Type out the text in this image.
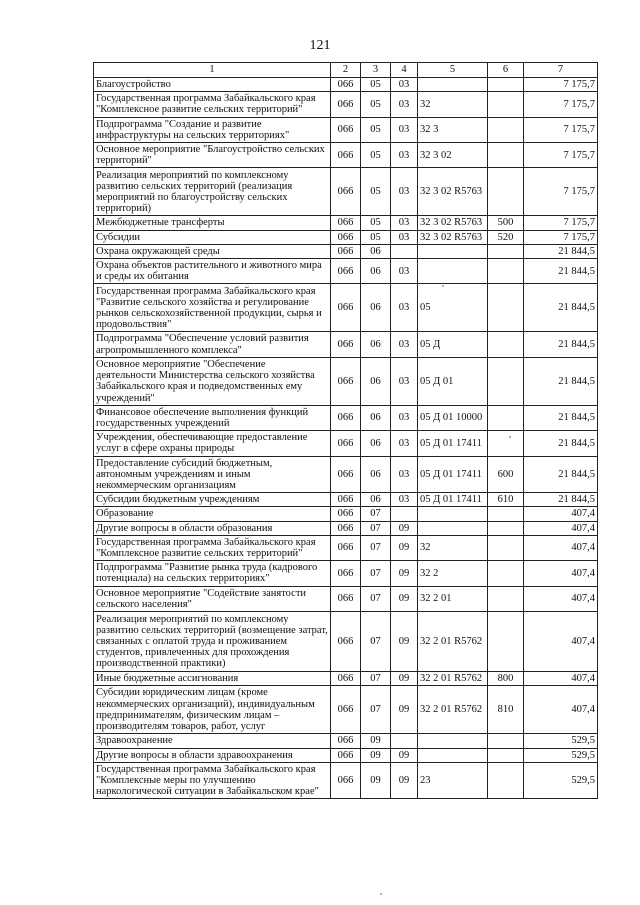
121
1	2	3	4	5	6	7
Благоустройство	066	05	03			7 175,7
Государственная программа Забайкальского края "Комплексное развитие сельских территорий"	066	05	03	32		7 175,7
Подпрограмма "Создание и развитие инфраструктуры на сельских территориях"	066	05	03	32 3		7 175,7
Основное мероприятие "Благоустройство сельских территорий"	066	05	03	32 3 02		7 175,7
Реализация мероприятий по комплексному развитию сельских территорий (реализация мероприятий по благоустройству сельских территорий)	066	05	03	32 3 02 R5763		7 175,7
Межбюджетные трансферты	066	05	03	32 3 02 R5763	500	7 175,7
Субсидии	066	05	03	32 3 02 R5763	520	7 175,7
Охрана окружающей среды	066	06				21 844,5
Охрана объектов растительного и животного мира и среды их обитания	066	06	03			21 844,5
Государственная программа Забайкальского края "Развитие сельского хозяйства и регулирование рынков сельскохозяйственной продукции, сырья и продовольствия"	066	06	03	05		21 844,5
Подпрограмма "Обеспечение условий развития агропромышленного комплекса"	066	06	03	05 Д		21 844,5
Основное мероприятие "Обеспечение деятельности Министерства сельского хозяйства Забайкальского края и подведомственных ему учреждений"	066	06	03	05 Д 01		21 844,5
Финансовое обеспечение выполнения функций государственных учреждений	066	06	03	05 Д 01 10000		21 844,5
Учреждения, обеспечивающие предоставление услуг в сфере охраны природы	066	06	03	05 Д 01 17411		21 844,5
Предоставление субсидий бюджетным, автономным учреждениям и иным некоммерческим организациям	066	06	03	05 Д 01 17411	600	21 844,5
Субсидии бюджетным учреждениям	066	06	03	05 Д 01 17411	610	21 844,5
Образование	066	07				407,4
Другие вопросы в области образования	066	07	09			407,4
Государственная программа Забайкальского края "Комплексное развитие сельских территорий"	066	07	09	32		407,4
Подпрограмма "Развитие рынка труда (кадрового потенциала) на сельских территориях"	066	07	09	32 2		407,4
Основное мероприятие "Содействие занятости сельского населения"	066	07	09	32 2 01		407,4
Реализация мероприятий по комплексному развитию сельских территорий (возмещение затрат, связанных с оплатой труда и проживанием студентов, привлеченных для прохождения производственной практики)	066	07	09	32 2 01 R5762		407,4
Иные бюджетные ассигнования	066	07	09	32 2 01 R5762	800	407,4
Субсидии юридическим лицам (кроме некоммерческих организаций), индивидуальным предпринимателям, физическим лицам – производителям товаров, работ, услуг	066	07	09	32 2 01 R5762	810	407,4
Здравоохранение	066	09				529,5
Другие вопросы в области здравоохранения	066	09	09			529,5
Государственная программа Забайкальского края "Комплексные меры по улучшению наркологической ситуации в Забайкальском крае"	066	09	09	23		529,5
